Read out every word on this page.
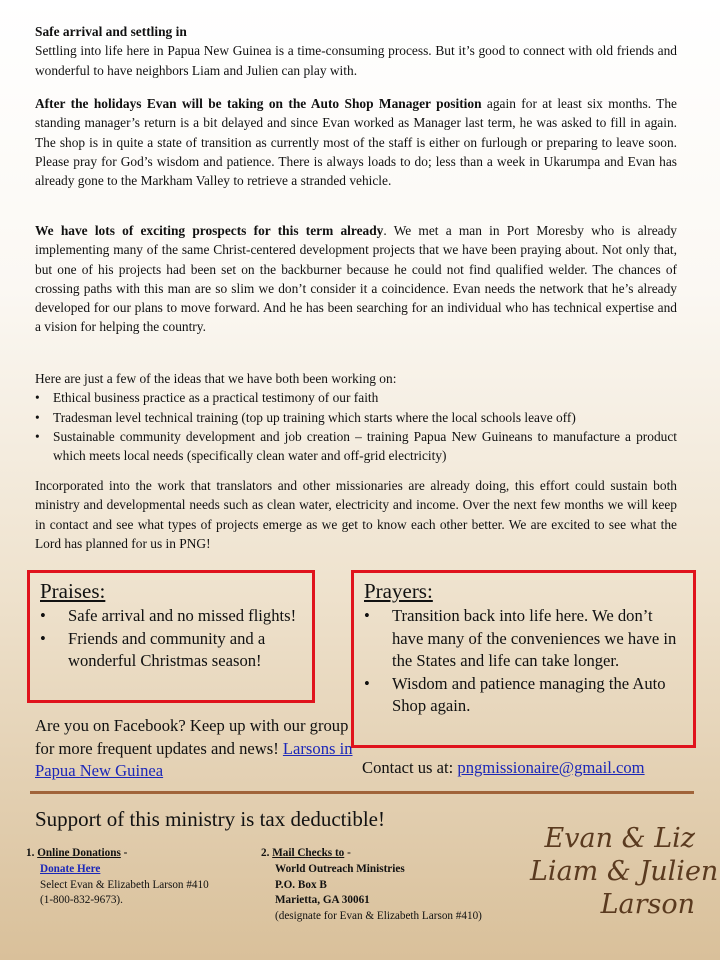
Safe arrival and settling in
Settling into life here in Papua New Guinea is a time-consuming process. But it’s good to connect with old friends and wonderful to have neighbors Liam and Julien can play with.
After the holidays Evan will be taking on the Auto Shop Manager position again for at least six months. The standing manager’s return is a bit delayed and since Evan worked as Manager last term, he was asked to fill in again. The shop is in quite a state of transition as currently most of the staff is either on furlough or preparing to leave soon. Please pray for God’s wisdom and patience. There is always loads to do; less than a week in Ukarumpa and Evan has already gone to the Markham Valley to retrieve a stranded vehicle.
We have lots of exciting prospects for this term already. We met a man in Port Moresby who is already implementing many of the same Christ-centered development projects that we have been praying about. Not only that, but one of his projects had been set on the backburner because he could not find qualified welder. The chances of crossing paths with this man are so slim we don’t consider it a coincidence. Evan needs the network that he’s already developed for our plans to move forward. And he has been searching for an individual who has technical expertise and a vision for helping the country.
Here are just a few of the ideas that we have both been working on:
• Ethical business practice as a practical testimony of our faith
• Tradesman level technical training (top up training which starts where the local schools leave off)
• Sustainable community development and job creation – training Papua New Guineans to manufacture a product which meets local needs (specifically clean water and off-grid electricity)
Incorporated into the work that translators and other missionaries are already doing, this effort could sustain both ministry and developmental needs such as clean water, electricity and income. Over the next few months we will keep in contact and see what types of projects emerge as we get to know each other better. We are excited to see what the Lord has planned for us in PNG!
Praises:
• Safe arrival and no missed flights!
• Friends and community and a wonderful Christmas season!
Prayers:
• Transition back into life here. We don’t have many of the conveniences we have in the States and life can take longer.
• Wisdom and patience managing the Auto Shop again.
Are you on Facebook? Keep up with our group for more frequent updates and news! Larsons in Papua New Guinea	Contact us at: pngmissionaire@gmail.com
Support of this ministry is tax deductible!
1. Online Donations -
Donate Here
Select Evan & Elizabeth Larson #410
(1-800-832-9673).
2. Mail Checks to -
World Outreach Ministries
P.O. Box B
Marietta, GA 30061
(designate for Evan & Elizabeth Larson #410)
Evan & Liz
Liam & Julien
Larson
